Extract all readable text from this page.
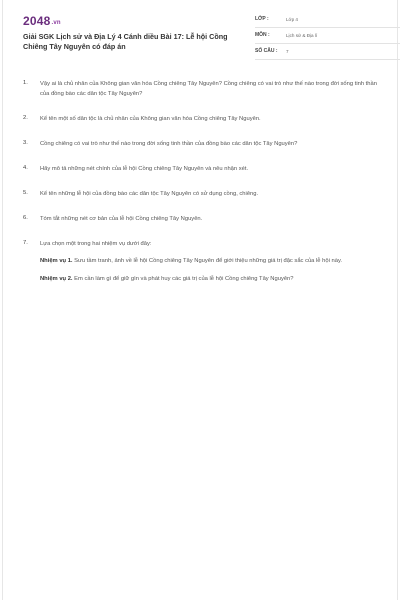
2048.vn
Giải SGK Lịch sử và Địa Lý 4 Cánh diều Bài 17: Lễ hội Cồng Chiêng Tây Nguyên có đáp án
LỚP :	Lớp 4
MÔN :	Lịch sử & Địa lí
SỐ CÂU : 7
1. Vậy ai là chủ nhân của Không gian văn hóa Cồng chiêng Tây Nguyên? Cồng chiêng có vai trò như thế nào trong đời sống tinh thần của đồng bào các dân tộc Tây Nguyên?
2. Kể tên một số dân tộc là chủ nhân của Không gian văn hóa Cồng chiêng Tây Nguyên.
3. Cồng chiêng có vai trò như thế nào trong đời sống tinh thần của đồng bào các dân tộc Tây Nguyên?
4. Hãy mô tả những nét chính của lễ hội Cồng chiêng Tây Nguyên và nêu nhận xét.
5. Kể tên những lễ hội của đồng bào các dân tộc Tây Nguyên có sử dụng cồng, chiêng.
6. Tóm tắt những nét cơ bản của lễ hội Cồng chiêng Tây Nguyên.
7. Lựa chọn một trong hai nhiệm vụ dưới đây:
Nhiệm vụ 1. Sưu tầm tranh, ảnh về lễ hội Cồng chiêng Tây Nguyên để giới thiệu những giá trị đặc sắc của lễ hội này.
Nhiệm vụ 2. Em cần làm gì để giữ gìn và phát huy các giá trị của lễ hội Cồng chiêng Tây Nguyên?
